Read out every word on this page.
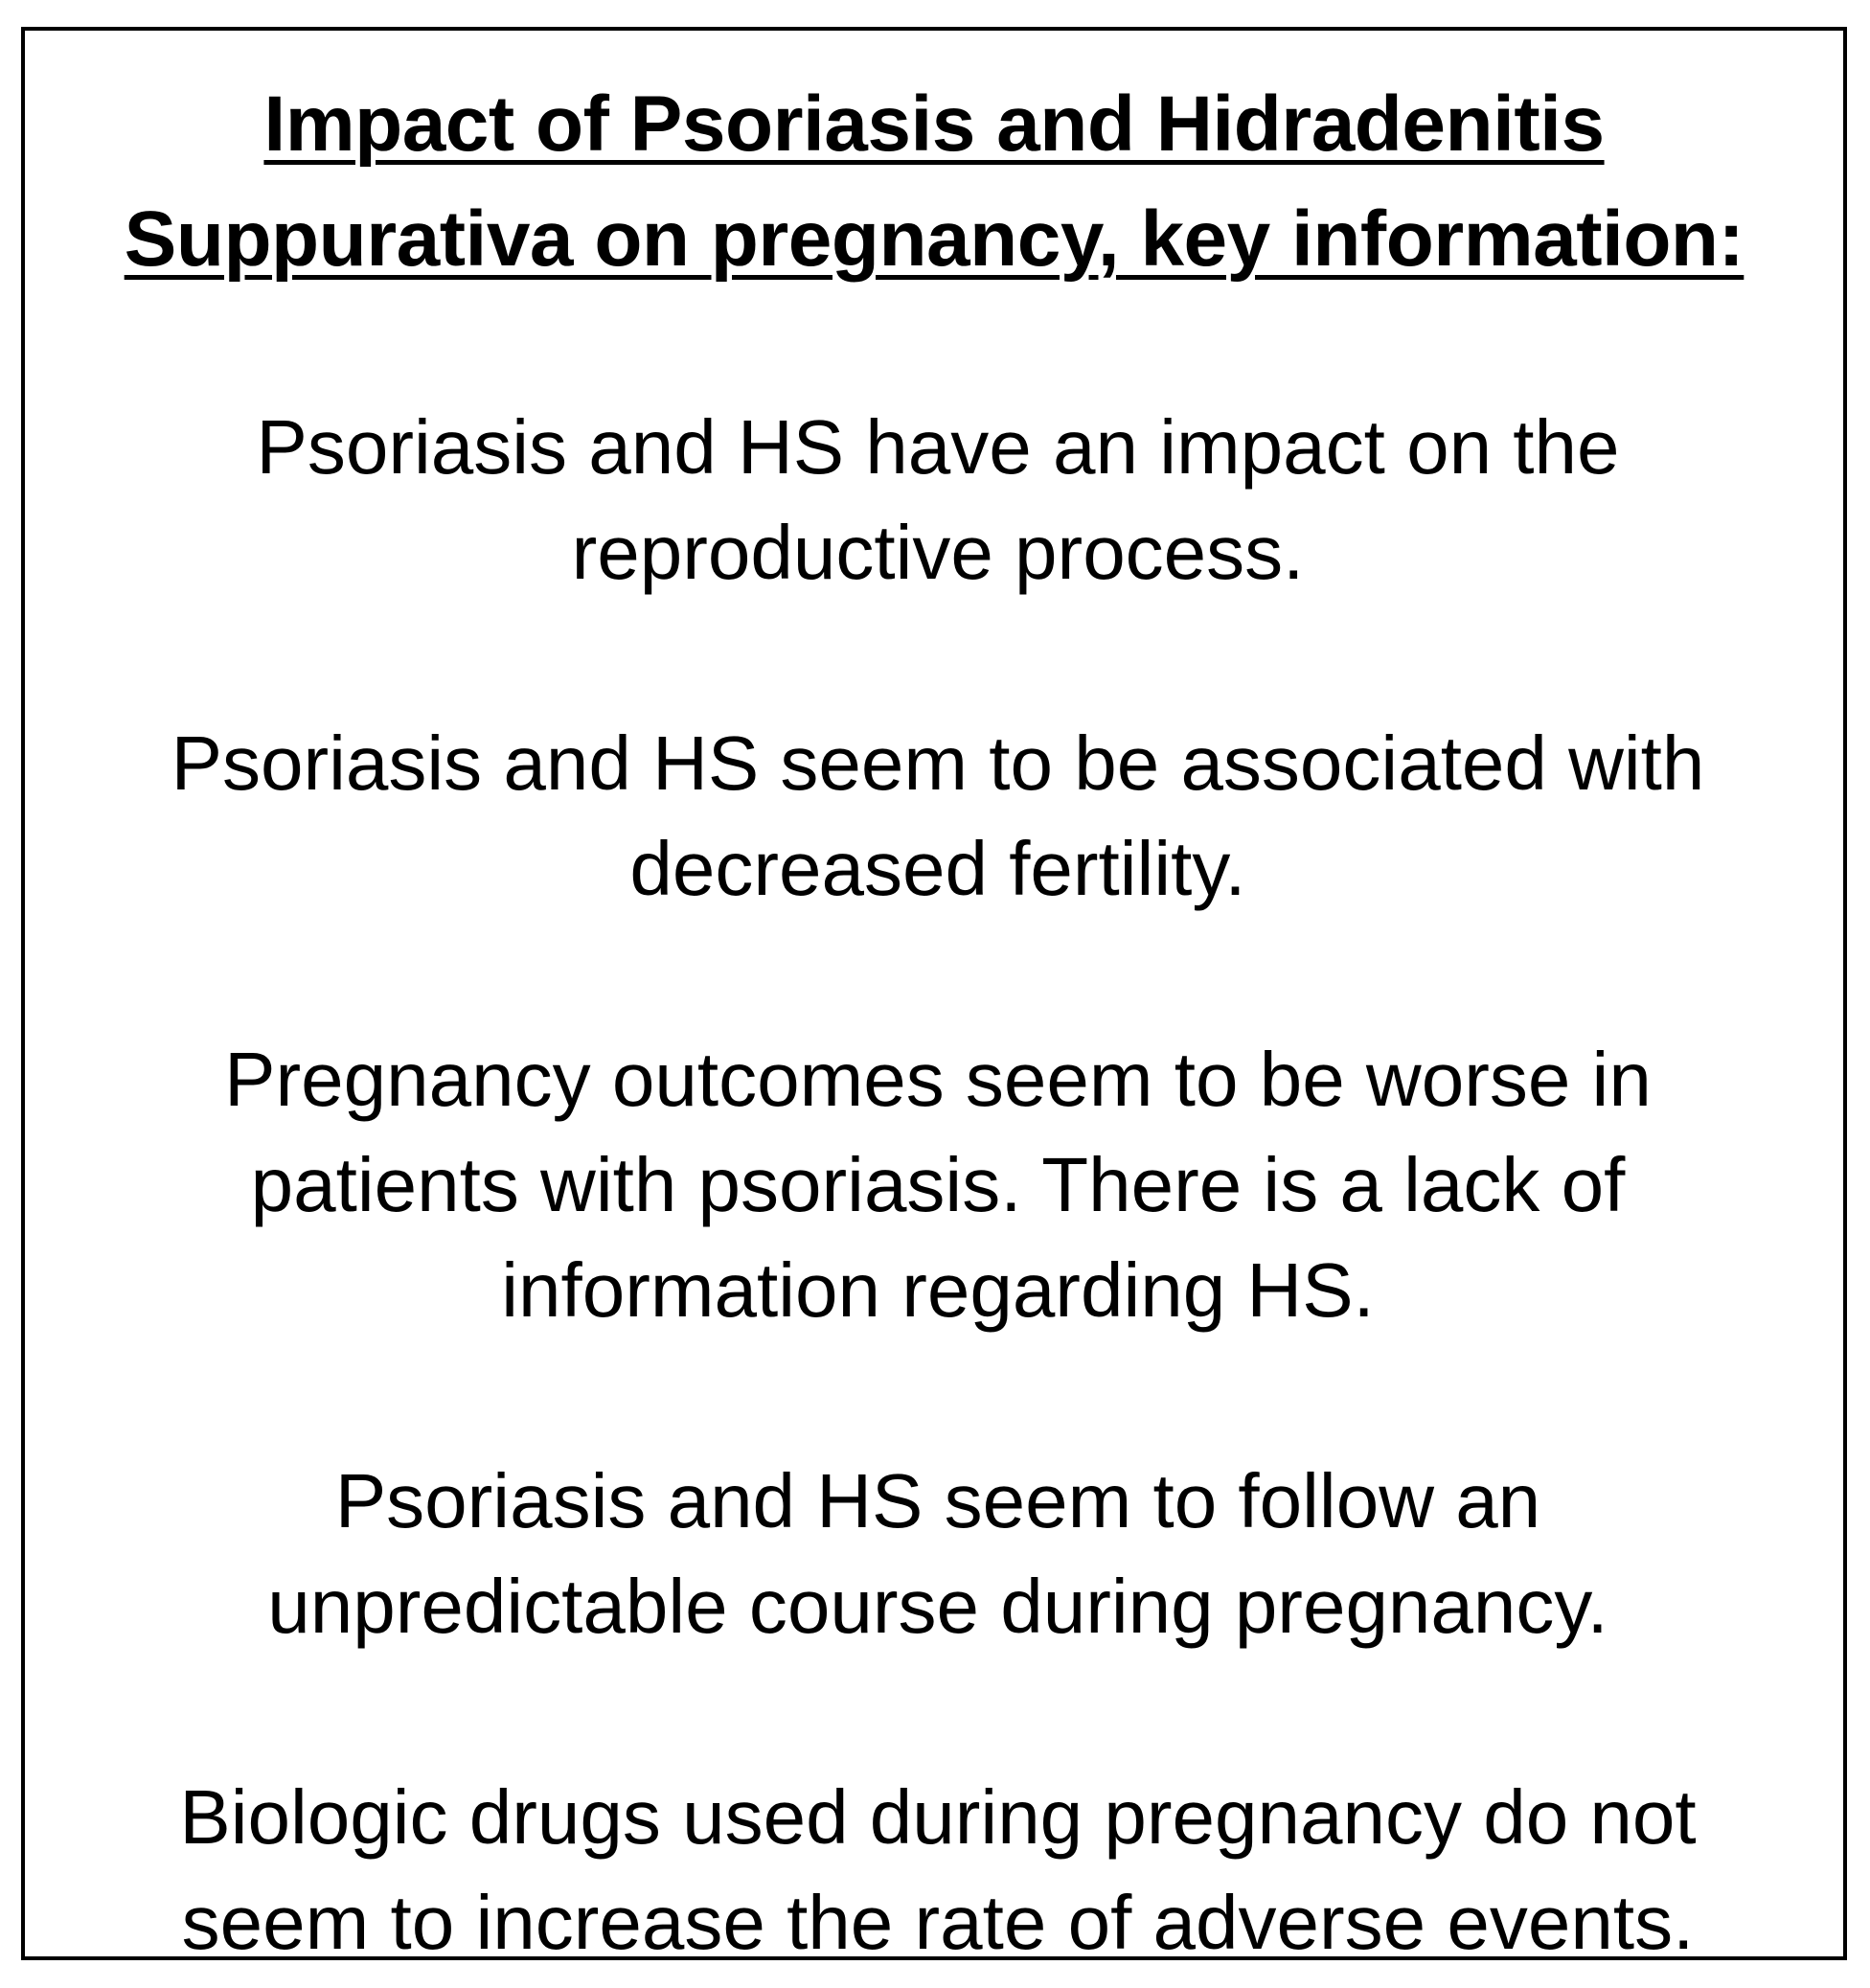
Impact of Psoriasis and Hidradenitis
Suppurativa on pregnancy, key information:
Psoriasis and HS have an impact on the
reproductive process.
Psoriasis and HS seem to be associated with
decreased fertility.
Pregnancy outcomes seem to be worse in
patients with psoriasis. There is a lack of
information regarding HS.
Psoriasis and HS seem to follow an
unpredictable course during pregnancy.
Biologic drugs used during pregnancy do not
seem to increase the rate of adverse events.
